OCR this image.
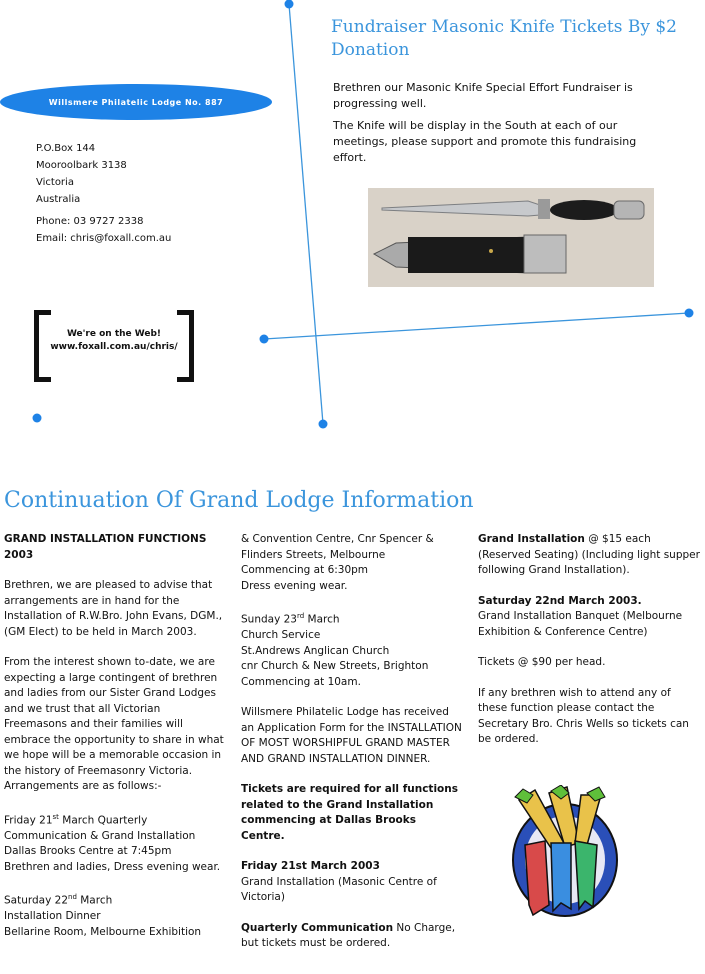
Fundraiser Masonic Knife Tickets By $2 Donation

Brethren our Masonic Knife Special Effort Fundraiser is progressing well.

The Knife will be display in the South at each of our meetings, please support and promote this fundraising effort.

Willsmere Philatelic Lodge No. 887
P.O.Box 144
Mooroolbark 3138
Victoria
Australia
Phone: 03 9727 2338
Email: chris@foxall.com.au
We're on the Web!
www.foxall.com.au/chris/
Continuation Of Grand Lodge Information
GRAND INSTALLATION FUNCTIONS 2003
Brethren, we are pleased to advise that arrangements are in hand for the Installation of R.W.Bro. John Evans, DGM., (GM Elect) to be held in March 2003.
From the interest shown to-date, we are expecting a large contingent of brethren and ladies from our Sister Grand Lodges and we trust that all Victorian Freemasons and their families will embrace the opportunity to share in what we hope will be a memorable occasion in the history of Freemasonry Victoria.
Arrangements are as follows:-
Friday 21st March Quarterly Communication & Grand Installation
Dallas Brooks Centre at 7:45pm
Brethren and ladies, Dress evening wear.
Saturday 22nd March
Installation Dinner
Bellarine Room, Melbourne Exhibition
& Convention Centre, Cnr Spencer & Flinders Streets, Melbourne
Commencing at 6:30pm
Dress evening wear.
Sunday 23rd March
Church Service
St.Andrews Anglican Church
cnr Church & New Streets, Brighton
Commencing at 10am.
Willsmere Philatelic Lodge has received an Application Form for the INSTALLATION OF MOST WORSHIPFUL GRAND MASTER AND GRAND INSTALLATION DINNER.
Tickets are required for all functions related to the Grand Installation commencing at Dallas Brooks Centre.
Friday 21st March 2003
Grand Installation (Masonic Centre of Victoria)
Quarterly Communication No Charge, but tickets must be ordered.
Grand Installation @ $15 each (Reserved Seating) (Including light supper following Grand Installation).
Saturday 22nd March 2003.
Grand Installation Banquet (Melbourne Exhibition & Conference Centre)
Tickets @ $90 per head.
If any brethren wish to attend any of these function please contact the Secretary Bro. Chris Wells so tickets can be ordered.
